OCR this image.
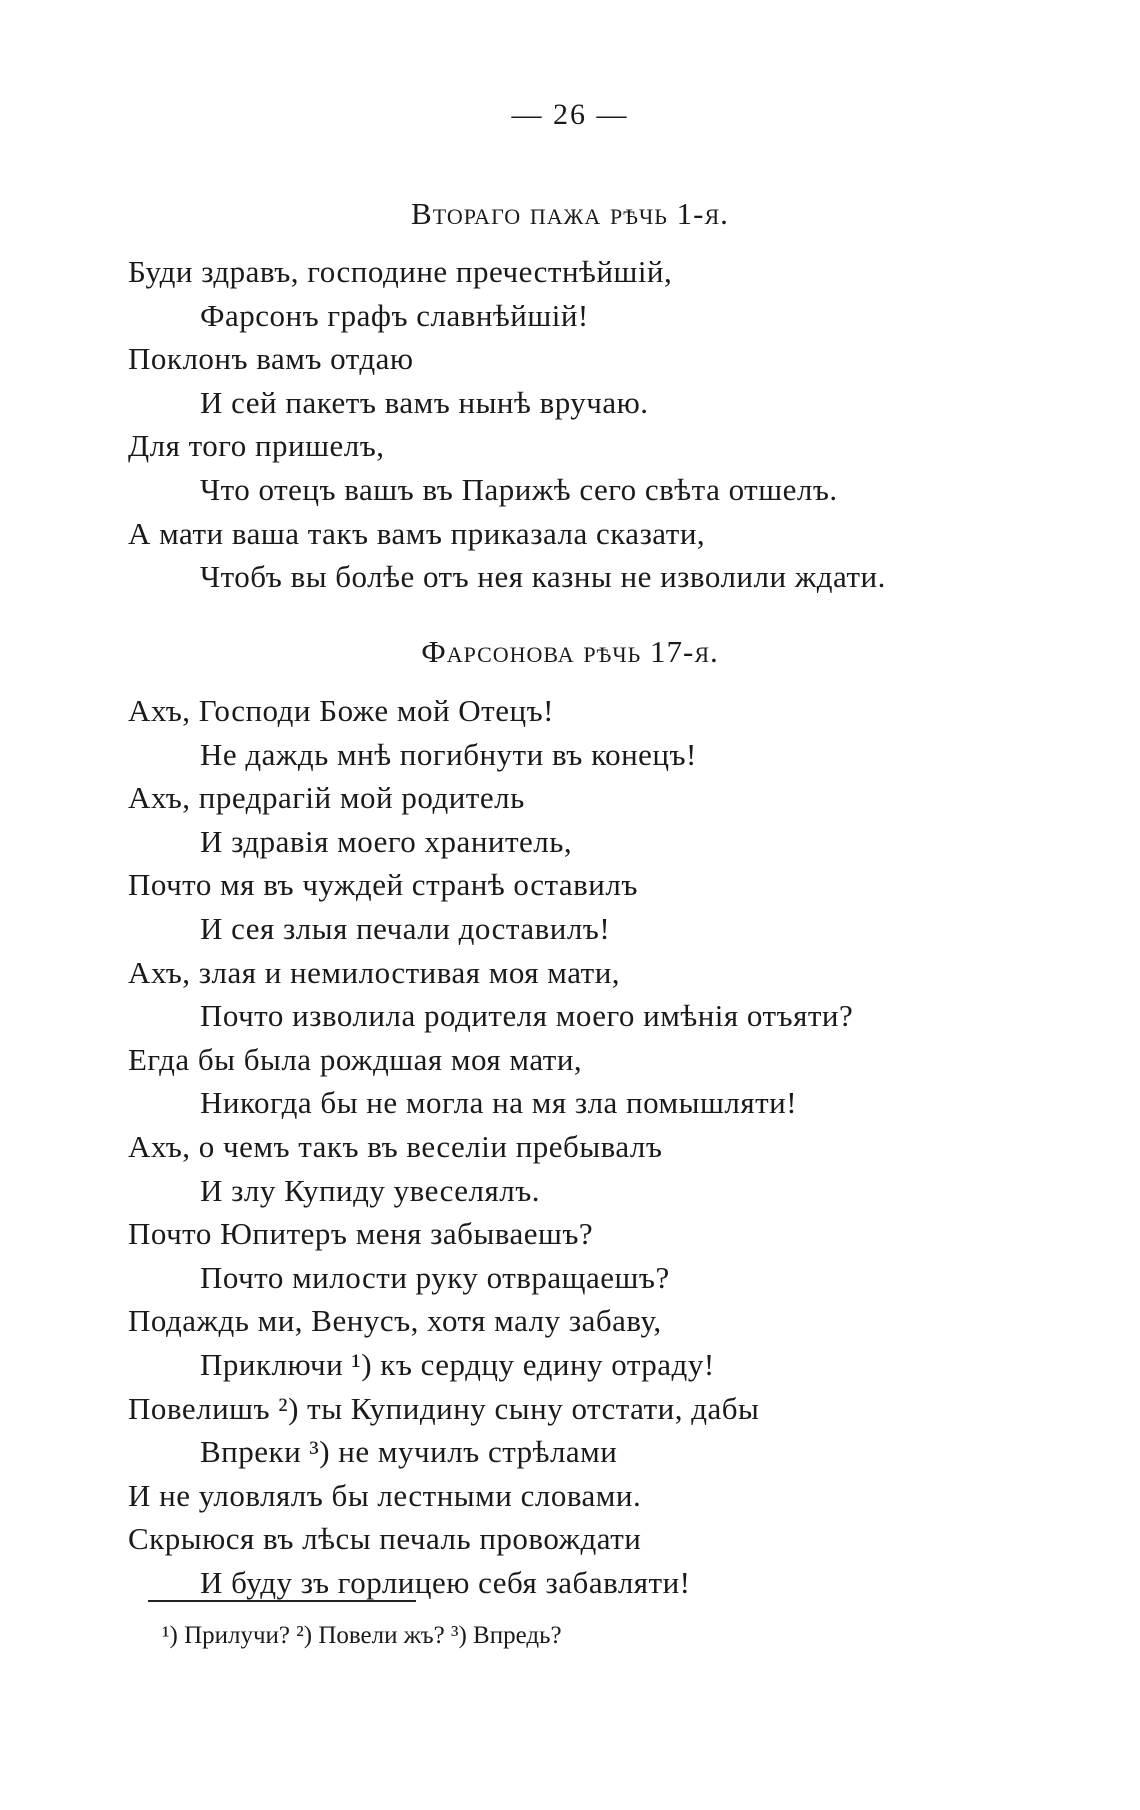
— 26 —
Втораго пажа рѣчь 1-я.
Буди здравъ, господине пречестнѣйшій,
Фарсонъ графъ славнѣйшій!
Поклонъ вамъ отдаю
И сей пакетъ вамъ нынѣ вручаю.
Для того пришелъ,
Что отецъ вашъ въ Парижѣ сего свѣта отшелъ.
А мати ваша такъ вамъ приказала сказати,
Чтобъ вы болѣе отъ нея казны не изволили ждати.
Фарсонова рѣчь 17-я.
Ахъ, Господи Боже мой Отецъ!
Не даждь мнѣ погибнути въ конецъ!
Ахъ, предрагій мой родитель
И здравія моего хранитель,
Почто мя въ чуждей странѣ оставилъ
И сея злыя печали доставилъ!
Ахъ, злая и немилостивая моя мати,
Почто изволила родителя моего имѣнія отъяти?
Егда бы была рождшая моя мати,
Никогда бы не могла на мя зла помышляти!
Ахъ, о чемъ такъ въ веселіи пребывалъ
И злу Купиду увеселялъ.
Почто Юпитеръ меня забываешъ?
Почто милости руку отвращаешъ?
Подаждь ми, Венусъ, хотя малу забаву,
Приключи ¹) къ сердцу едину отраду!
Повелишъ ²) ты Купидину сыну отстати, дабы
Впреки ³) не мучилъ стрѣлами
И не уловлялъ бы лестными словами.
Скрыюся въ лѣсы печаль провождати
И буду зъ горлицею себя забавляти!
¹) Прилучи? ²) Повели жъ? ³) Впредь?
